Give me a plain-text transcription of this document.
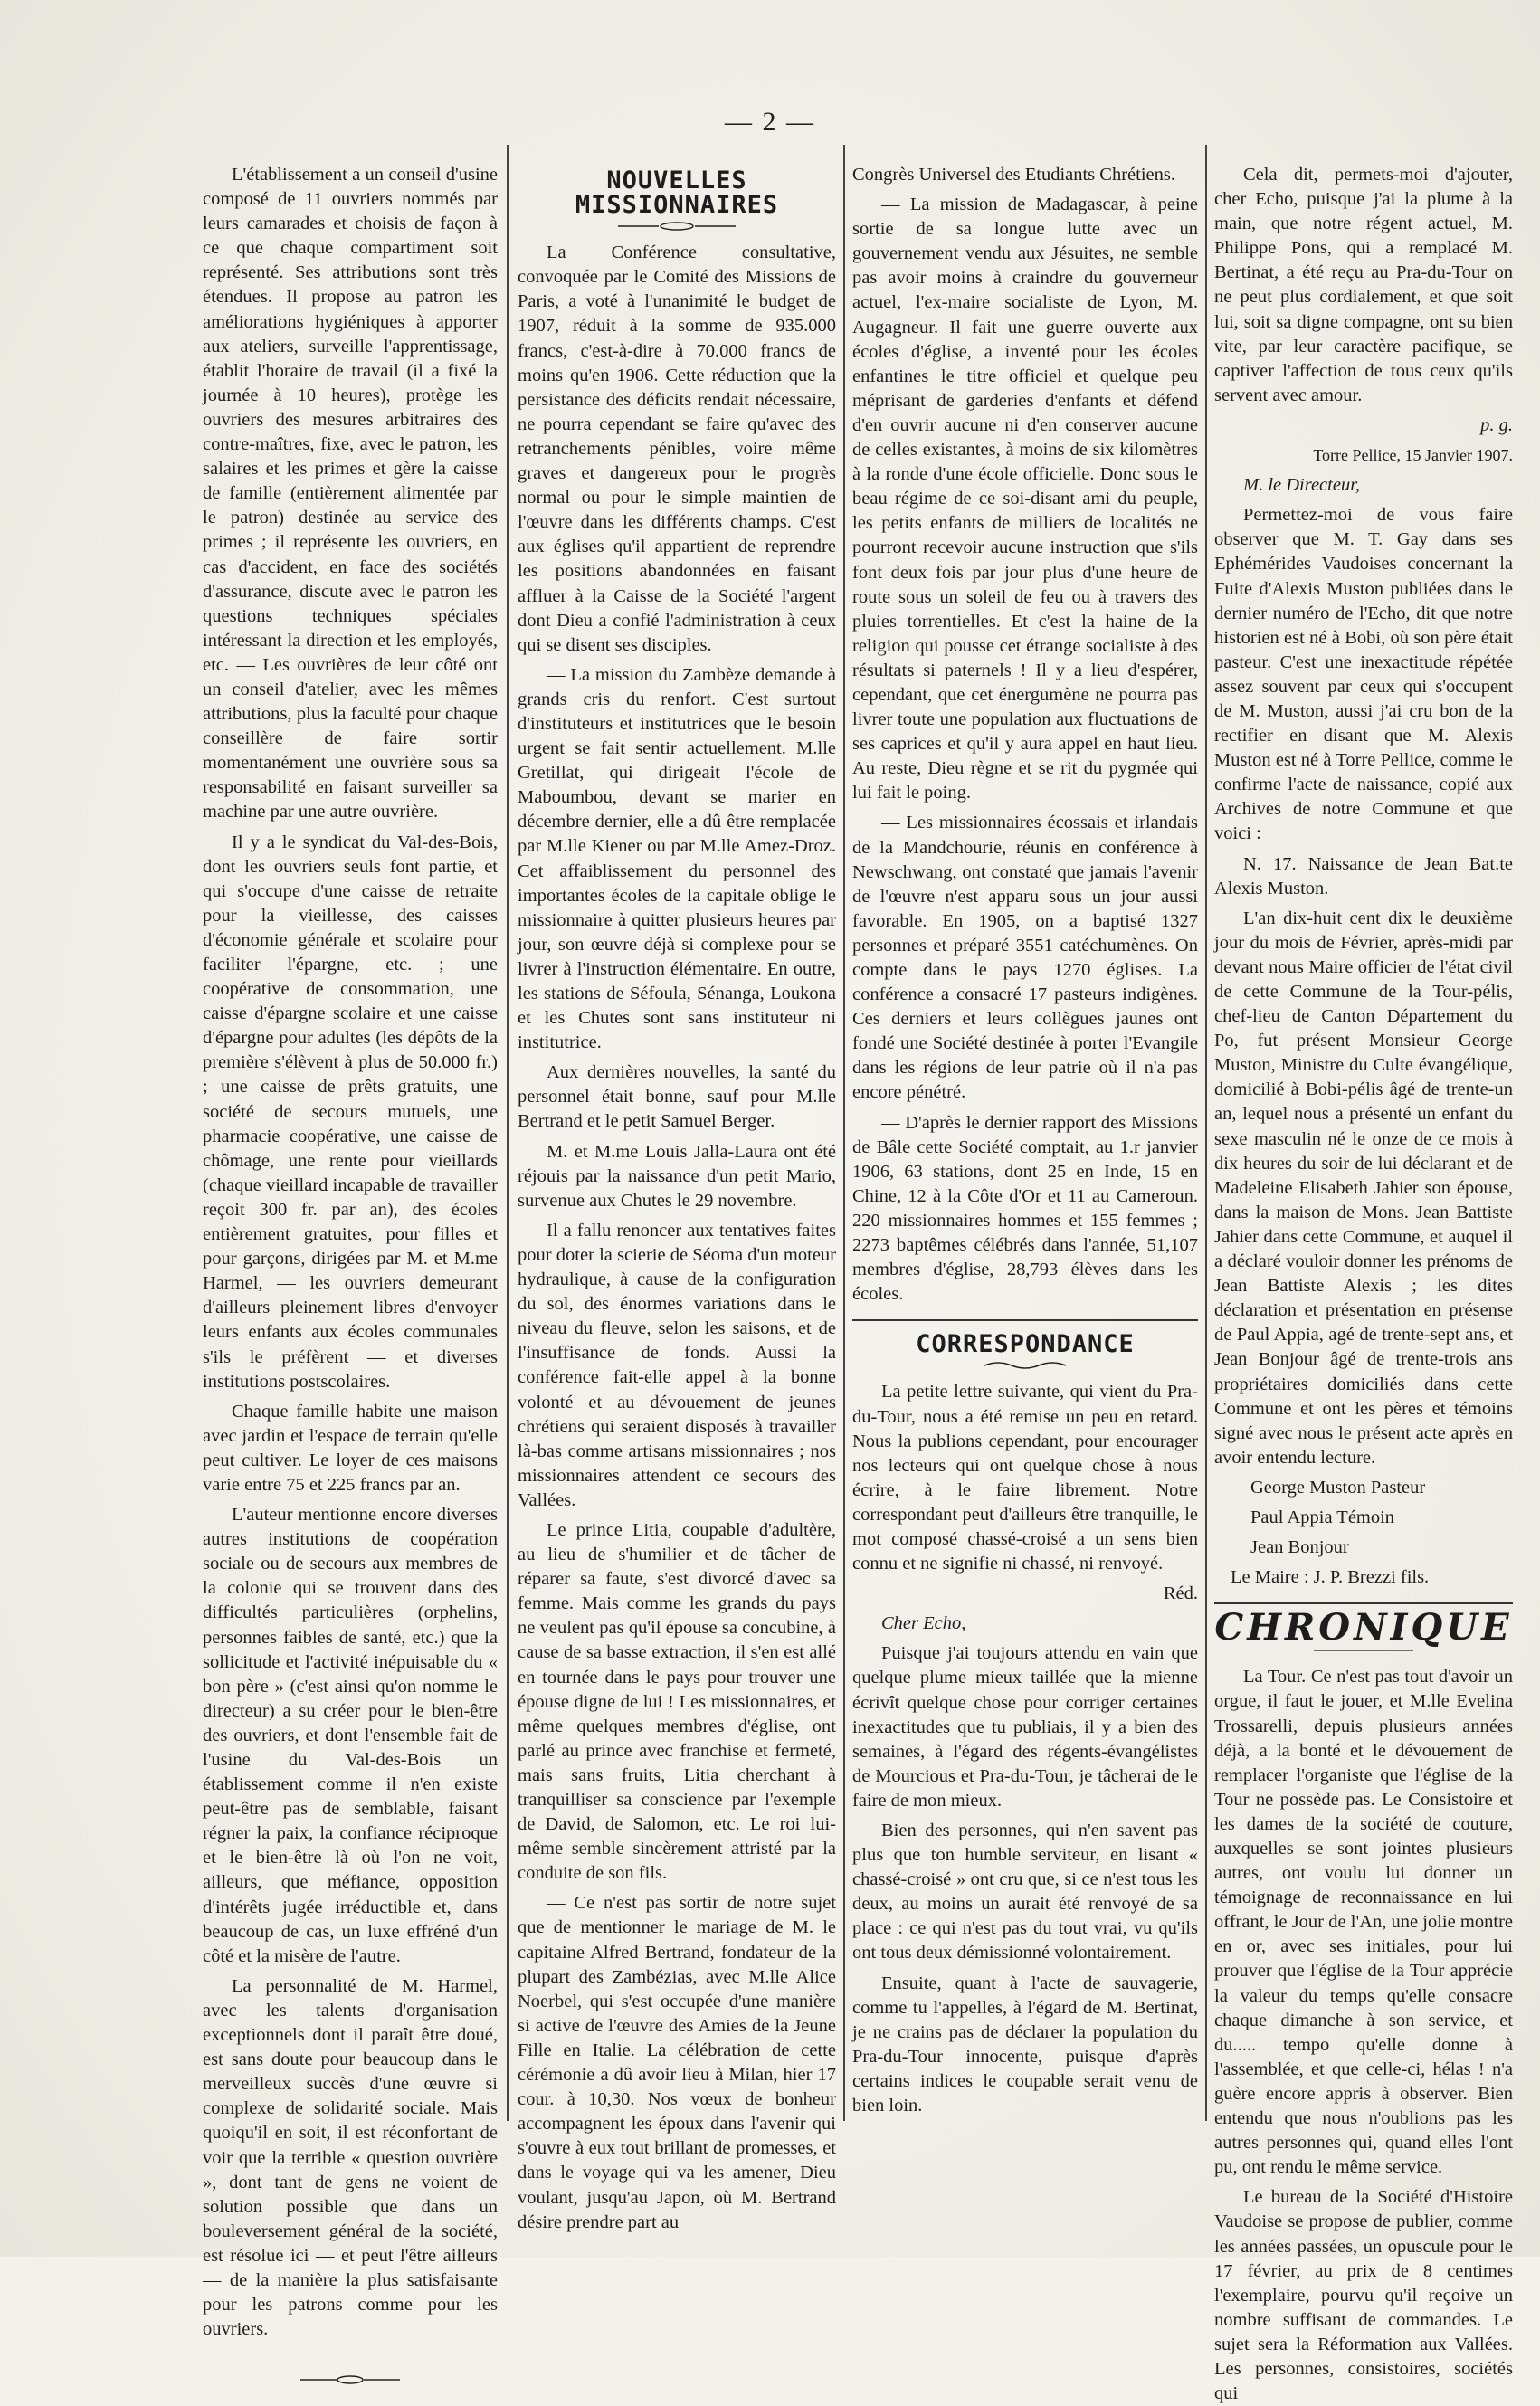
— 2 —

L'établissement a un conseil d'usine composé de 11 ouvriers nommés par leurs camarades et choisis de façon à ce que chaque compartiment soit représenté. Ses attributions sont très étendues. Il propose au patron les améliorations hygiéniques à apporter aux ateliers, surveille l'apprentissage, établit l'horaire de travail (il a fixé la journée à 10 heures), protège les ouvriers des mesures arbitraires des contre-maîtres, fixe, avec le patron, les salaires et les primes et gère la caisse de famille (entièrement alimentée par le patron) destinée au service des primes ; il représente les ouvriers, en cas d'accident, en face des sociétés d'assurance, discute avec le patron les questions techniques spéciales intéressant la direction et les employés, etc. — Les ouvrières de leur côté ont un conseil d'atelier, avec les mêmes attributions, plus la faculté pour chaque conseillère de faire sortir momentanément une ouvrière sous sa responsabilité en faisant surveiller sa machine par une autre ouvrière.

Il y a le syndicat du Val-des-Bois, dont les ouvriers seuls font partie, et qui s'occupe d'une caisse de retraite pour la vieillesse, des caisses d'économie générale et scolaire pour faciliter l'épargne, etc. ; une coopérative de consommation, une caisse d'épargne scolaire et une caisse d'épargne pour adultes (les dépôts de la première s'élèvent à plus de 50.000 fr.) ; une caisse de prêts gratuits, une société de secours mutuels, une pharmacie coopérative, une caisse de chômage, une rente pour vieillards (chaque vieillard incapable de travailler reçoit 300 fr. par an), des écoles entièrement gratuites, pour filles et pour garçons, dirigées par M. et M.me Harmel, — les ouvriers demeurant d'ailleurs pleinement libres d'envoyer leurs enfants aux écoles communales s'ils le préfèrent — et diverses institutions postscolaires.

Chaque famille habite une maison avec jardin et l'espace de terrain qu'elle peut cultiver. Le loyer de ces maisons varie entre 75 et 225 francs par an.

L'auteur mentionne encore diverses autres institutions de coopération sociale ou de secours aux membres de la colonie qui se trouvent dans des difficultés particulières (orphelins, personnes faibles de santé, etc.) que la sollicitude et l'activité inépuisable du « bon père » (c'est ainsi qu'on nomme le directeur) a su créer pour le bien-être des ouvriers, et dont l'ensemble fait de l'usine du Val-des-Bois un établissement comme il n'en existe peut-être pas de semblable, faisant régner la paix, la confiance réciproque et le bien-être là où l'on ne voit, ailleurs, que méfiance, opposition d'intérêts jugée irréductible et, dans beaucoup de cas, un luxe effréné d'un côté et la misère de l'autre.

La personnalité de M. Harmel, avec les talents d'organisation exceptionnels dont il paraît être doué, est sans doute pour beaucoup dans le merveilleux succès d'une œuvre si complexe de solidarité sociale. Mais quoiqu'il en soit, il est réconfortant de voir que la terrible « question ouvrière », dont tant de gens ne voient de solution possible que dans un bouleversement général de la société, est résolue ici — et peut l'être ailleurs — de la manière la plus satisfaisante pour les patrons comme pour les ouvriers.

NOUVELLES MISSIONNAIRES

La Conférence consultative, convoquée par le Comité des Missions de Paris, a voté à l'unanimité le budget de 1907, réduit à la somme de 935.000 francs, c'est-à-dire à 70.000 francs de moins qu'en 1906. Cette réduction que la persistance des déficits rendait nécessaire, ne pourra cependant se faire qu'avec des retranchements pénibles, voire même graves et dangereux pour le progrès normal ou pour le simple maintien de l'œuvre dans les différents champs. C'est aux églises qu'il appartient de reprendre les positions abandonnées en faisant affluer à la Caisse de la Société l'argent dont Dieu a confié l'administration à ceux qui se disent ses disciples.

— La mission du Zambèze demande à grands cris du renfort. C'est surtout d'instituteurs et institutrices que le besoin urgent se fait sentir actuellement. M.lle Gretillat, qui dirigeait l'école de Maboumbou, devant se marier en décembre dernier, elle a dû être remplacée par M.lle Kiener ou par M.lle Amez-Droz. Cet affaiblissement du personnel des importantes écoles de la capitale oblige le missionnaire à quitter plusieurs heures par jour, son œuvre déjà si complexe pour se livrer à l'instruction élémentaire. En outre, les stations de Séfoula, Sénanga, Loukona et les Chutes sont sans instituteur ni institutrice.

Aux dernières nouvelles, la santé du personnel était bonne, sauf pour M.lle Bertrand et le petit Samuel Berger.

M. et M.me Louis Jalla-Laura ont été réjouis par la naissance d'un petit Mario, survenue aux Chutes le 29 novembre.

Il a fallu renoncer aux tentatives faites pour doter la scierie de Séoma d'un moteur hydraulique, à cause de la configuration du sol, des énormes variations dans le niveau du fleuve, selon les saisons, et de l'insuffisance de fonds. Aussi la conférence fait-elle appel à la bonne volonté et au dévouement de jeunes chrétiens qui seraient disposés à travailler là-bas comme artisans missionnaires ; nos missionnaires attendent ce secours des Vallées.

Le prince Litia, coupable d'adultère, au lieu de s'humilier et de tâcher de réparer sa faute, s'est divorcé d'avec sa femme. Mais comme les grands du pays ne veulent pas qu'il épouse sa concubine, à cause de sa basse extraction, il s'en est allé en tournée dans le pays pour trouver une épouse digne de lui ! Les missionnaires, et même quelques membres d'église, ont parlé au prince avec franchise et fermeté, mais sans fruits, Litia cherchant à tranquilliser sa conscience par l'exemple de David, de Salomon, etc. Le roi lui-même semble sincèrement attristé par la conduite de son fils.

— Ce n'est pas sortir de notre sujet que de mentionner le mariage de M. le capitaine Alfred Bertrand, fondateur de la plupart des Zambézias, avec M.lle Alice Noerbel, qui s'est occupée d'une manière si active de l'œuvre des Amies de la Jeune Fille en Italie. La célébration de cette cérémonie a dû avoir lieu à Milan, hier 17 cour. à 10,30. Nos vœux de bonheur accompagnent les époux dans l'avenir qui s'ouvre à eux tout brillant de promesses, et dans le voyage qui va les amener, Dieu voulant, jusqu'au Japon, où M. Bertrand désire prendre part au

Congrès Universel des Etudiants Chrétiens.

— La mission de Madagascar, à peine sortie de sa longue lutte avec un gouvernement vendu aux Jésuites, ne semble pas avoir moins à craindre du gouverneur actuel, l'ex-maire socialiste de Lyon, M. Augagneur. Il fait une guerre ouverte aux écoles d'église, a inventé pour les écoles enfantines le titre officiel et quelque peu méprisant de garderies d'enfants et défend d'en ouvrir aucune ni d'en conserver aucune de celles existantes, à moins de six kilomètres à la ronde d'une école officielle. Donc sous le beau régime de ce soi-disant ami du peuple, les petits enfants de milliers de localités ne pourront recevoir aucune instruction que s'ils font deux fois par jour plus d'une heure de route sous un soleil de feu ou à travers des pluies torrentielles. Et c'est la haine de la religion qui pousse cet étrange socialiste à des résultats si paternels ! Il y a lieu d'espérer, cependant, que cet énergumène ne pourra pas livrer toute une population aux fluctuations de ses caprices et qu'il y aura appel en haut lieu. Au reste, Dieu règne et se rit du pygmée qui lui fait le poing.

— Les missionnaires écossais et irlandais de la Mandchourie, réunis en conférence à Newschwang, ont constaté que jamais l'avenir de l'œuvre n'est apparu sous un jour aussi favorable. En 1905, on a baptisé 1327 personnes et préparé 3551 catéchumènes. On compte dans le pays 1270 églises. La conférence a consacré 17 pasteurs indigènes. Ces derniers et leurs collègues jaunes ont fondé une Société destinée à porter l'Evangile dans les régions de leur patrie où il n'a pas encore pénétré.

— D'après le dernier rapport des Missions de Bâle cette Société comptait, au 1.r janvier 1906, 63 stations, dont 25 en Inde, 15 en Chine, 12 à la Côte d'Or et 11 au Cameroun. 220 missionnaires hommes et 155 femmes ; 2273 baptêmes célébrés dans l'année, 51,107 membres d'église, 28,793 élèves dans les écoles.

CORRESPONDANCE

La petite lettre suivante, qui vient du Pra-du-Tour, nous a été remise un peu en retard. Nous la publions cependant, pour encourager nos lecteurs qui ont quelque chose à nous écrire, à le faire librement. Notre correspondant peut d'ailleurs être tranquille, le mot composé chassé-croisé a un sens bien connu et ne signifie ni chassé, ni renvoyé.

Réd.

Cher Echo,

Puisque j'ai toujours attendu en vain que quelque plume mieux taillée que la mienne écrivît quelque chose pour corriger certaines inexactitudes que tu publiais, il y a bien des semaines, à l'égard des régents-évangélistes de Mourcious et Pra-du-Tour, je tâcherai de le faire de mon mieux.

Bien des personnes, qui n'en savent pas plus que ton humble serviteur, en lisant « chassé-croisé » ont cru que, si ce n'est tous les deux, au moins un aurait été renvoyé de sa place : ce qui n'est pas du tout vrai, vu qu'ils ont tous deux démissionné volontairement.

Ensuite, quant à l'acte de sauvagerie, comme tu l'appelles, à l'égard de M. Bertinat, je ne crains pas de déclarer la population du Pra-du-Tour innocente, puisque d'après certains indices le coupable serait venu de bien loin.

Cela dit, permets-moi d'ajouter, cher Echo, puisque j'ai la plume à la main, que notre régent actuel, M. Philippe Pons, qui a remplacé M. Bertinat, a été reçu au Pra-du-Tour on ne peut plus cordialement, et que soit lui, soit sa digne compagne, ont su bien vite, par leur caractère pacifique, se captiver l'affection de tous ceux qu'ils servent avec amour.

p. g.

Torre Pellice, 15 Janvier 1907.

M. le Directeur,

Permettez-moi de vous faire observer que M. T. Gay dans ses Ephémérides Vaudoises concernant la Fuite d'Alexis Muston publiées dans le dernier numéro de l'Echo, dit que notre historien est né à Bobi, où son père était pasteur. C'est une inexactitude répétée assez souvent par ceux qui s'occupent de M. Muston, aussi j'ai cru bon de la rectifier en disant que M. Alexis Muston est né à Torre Pellice, comme le confirme l'acte de naissance, copié aux Archives de notre Commune et que voici :

N. 17. Naissance de Jean Bat.te Alexis Muston.

L'an dix-huit cent dix le deuxième jour du mois de Février, après-midi par devant nous Maire officier de l'état civil de cette Commune de la Tour-pélis, chef-lieu de Canton Département du Po, fut présent Monsieur George Muston, Ministre du Culte évangélique, domicilié à Bobi-pélis âgé de trente-un an, lequel nous a présenté un enfant du sexe masculin né le onze de ce mois à dix heures du soir de lui déclarant et de Madeleine Elisabeth Jahier son épouse, dans la maison de Mons. Jean Battiste Jahier dans cette Commune, et auquel il a déclaré vouloir donner les prénoms de Jean Battiste Alexis ; les dites déclaration et présentation en présense de Paul Appia, agé de trente-sept ans, et Jean Bonjour âgé de trente-trois ans propriétaires domiciliés dans cette Commune et ont les pères et témoins signé avec nous le présent acte après en avoir entendu lecture.

George Muston Pasteur

Paul Appia Témoin

Jean Bonjour

Le Maire : J. P. Brezzi fils.

CHRONIQUE

La Tour. Ce n'est pas tout d'avoir un orgue, il faut le jouer, et M.lle Evelina Trossarelli, depuis plusieurs années déjà, a la bonté et le dévouement de remplacer l'organiste que l'église de la Tour ne possède pas. Le Consistoire et les dames de la société de couture, auxquelles se sont jointes plusieurs autres, ont voulu lui donner un témoignage de reconnaissance en lui offrant, le Jour de l'An, une jolie montre en or, avec ses initiales, pour lui prouver que l'église de la Tour apprécie la valeur du temps qu'elle consacre chaque dimanche à son service, et du..... tempo qu'elle donne à l'assemblée, et que celle-ci, hélas ! n'a guère encore appris à observer. Bien entendu que nous n'oublions pas les autres personnes qui, quand elles l'ont pu, ont rendu le même service.

Le bureau de la Société d'Histoire Vaudoise se propose de publier, comme les années passées, un opuscule pour le 17 février, au prix de 8 centimes l'exemplaire, pourvu qu'il reçoive un nombre suffisant de commandes. Le sujet sera la Réformation aux Vallées. Les personnes, consistoires, sociétés qui
